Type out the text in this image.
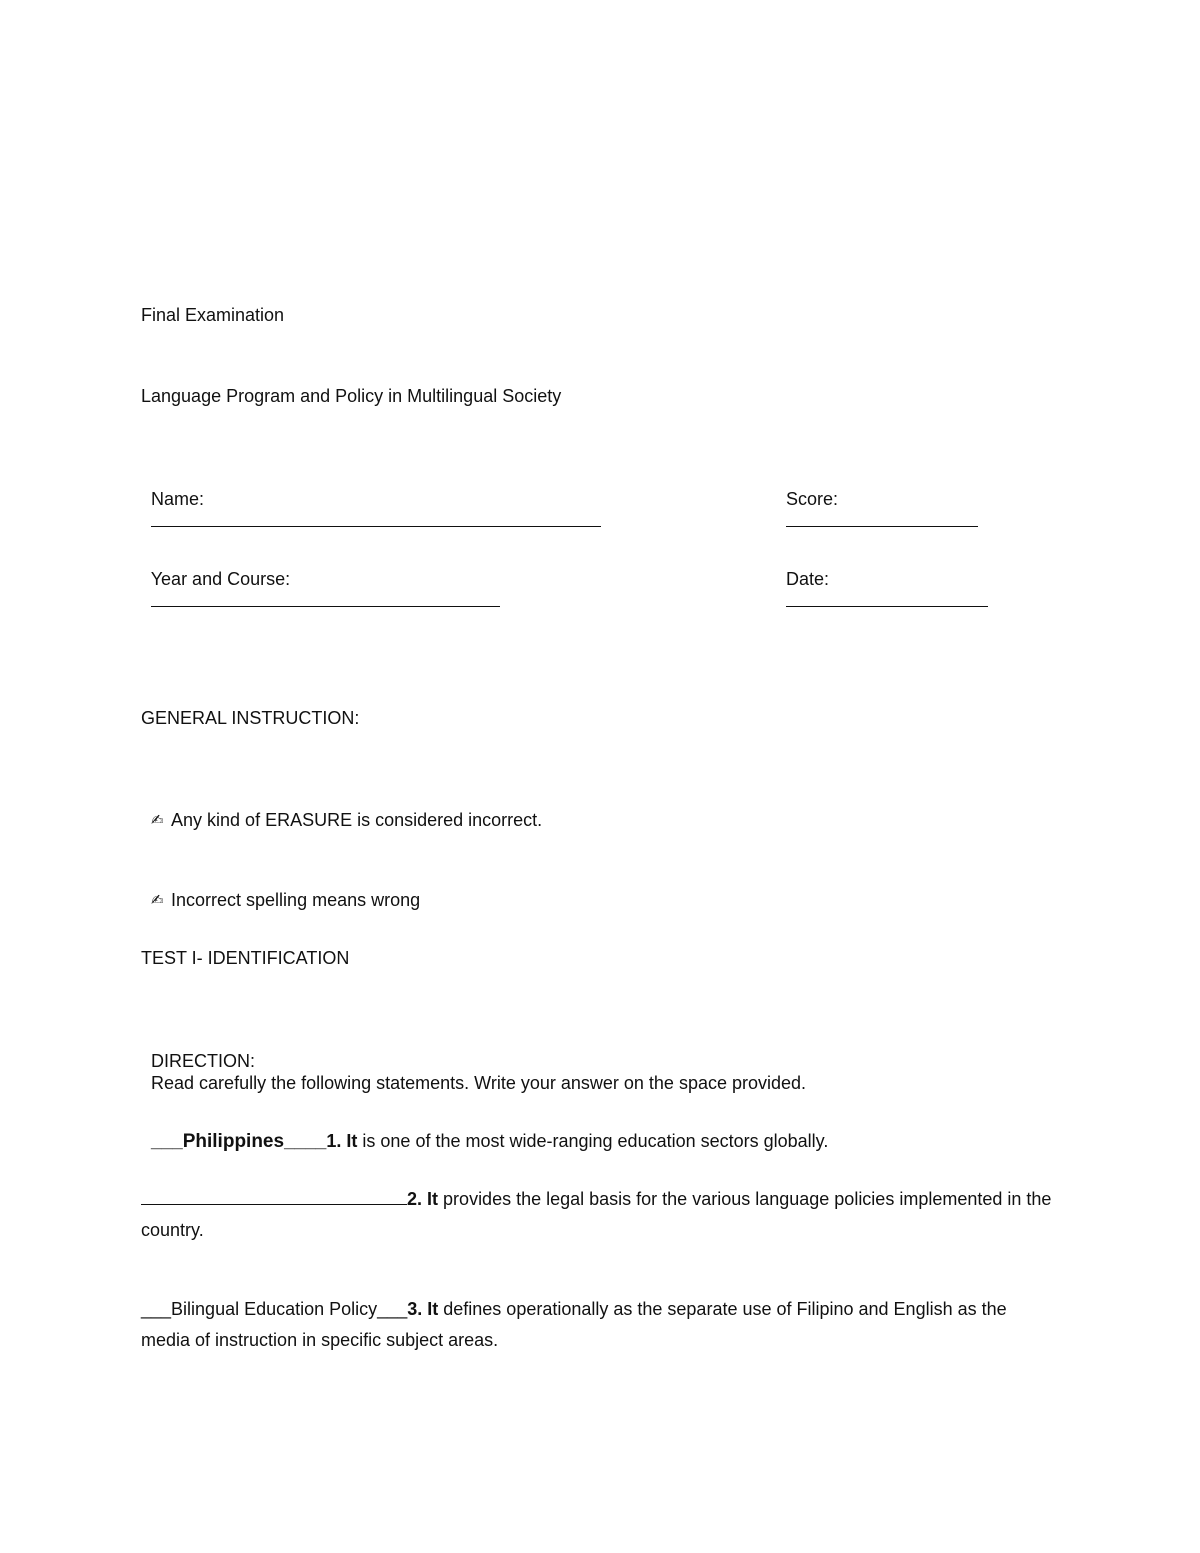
Final Examination
Language Program and Policy in Multilingual Society

Name:
	Score:

Year and Course:
	Date:

GENERAL INSTRUCTION:

✍ Any kind of ERASURE is considered incorrect.

✍ Incorrect spelling means wrong

TEST I- IDENTIFICATION

DIRECTION:
Read carefully the following statements. Write your answer on the space provided.

___Philippines____1. It is one of the most wide-ranging education sectors globally.

2. It provides the legal basis for the various language policies implemented in the country.
___Bilingual Education Policy___3. It defines operationally as the separate use of Filipino and English as the media of instruction in specific subject areas.
